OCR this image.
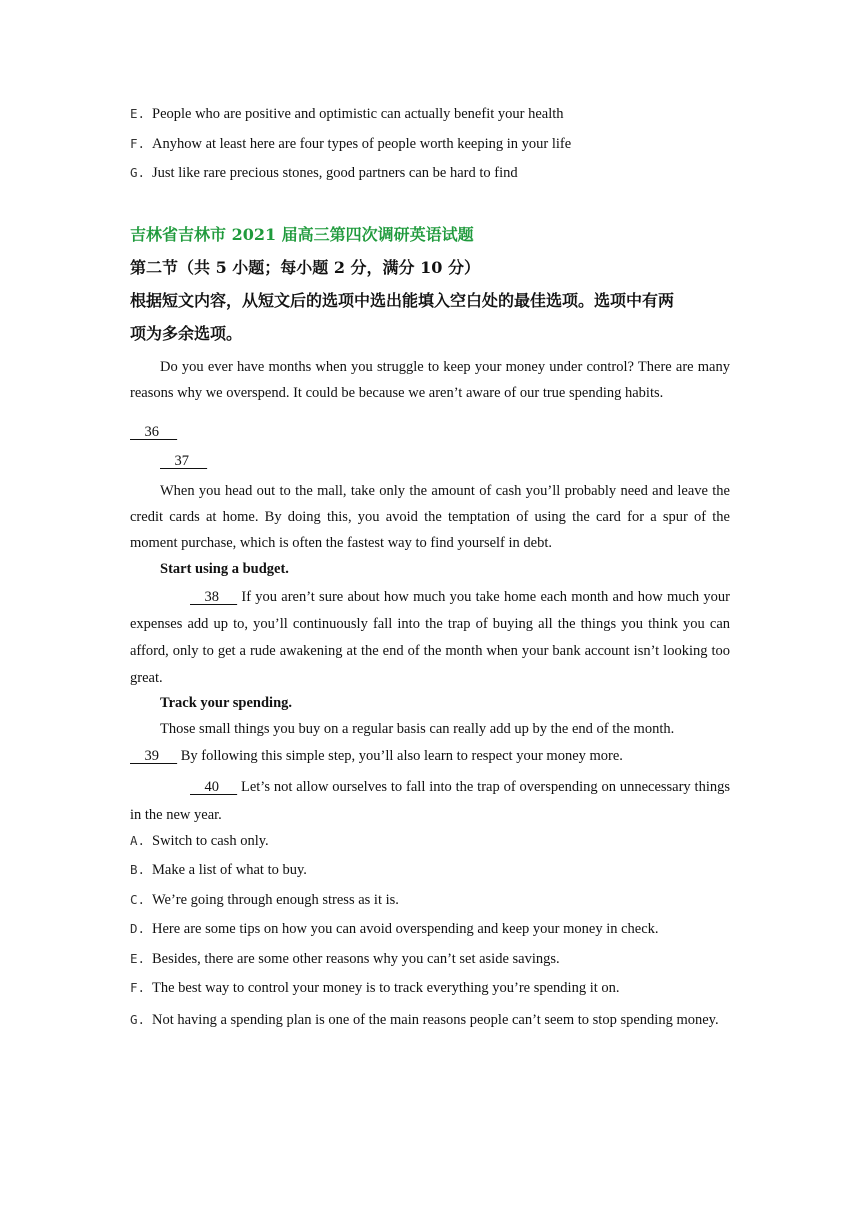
E. People who are positive and optimistic can actually benefit your health
F. Anyhow at least here are four types of people worth keeping in your life
G. Just like rare precious stones, good partners can be hard to find
吉林省吉林市 2021 届高三第四次调研英语试题
第二节（共 5 小题；每小题 2 分，满分 10 分）
根据短文内容，从短文后的选项中选出能填入空白处的最佳选项。选项中有两
项为多余选项。
Do you ever have months when you struggle to keep your money under control? There are many reasons why we overspend. It could be because we aren’t aware of our true spending habits.
36
37
When you head out to the mall, take only the amount of cash you’ll probably need and leave the credit cards at home. By doing this, you avoid the temptation of using the card for a spur of the moment purchase, which is often the fastest way to find yourself in debt.
Start using a budget.
38      If you aren’t sure about how much you take home each month and how much your expenses add up to, you’ll continuously fall into the trap of buying all the things you think you can afford, only to get a rude awakening at the end of the month when your bank account isn’t looking too great.
Track your spending.
Those small things you buy on a regular basis can really add up by the end of the month.
39      By following this simple step, you’ll also learn to respect your money more.
40      Let’s not allow ourselves to fall into the trap of overspending on unnecessary things in the new year.
A. Switch to cash only.
B. Make a list of what to buy.
C. We’re going through enough stress as it is.
D. Here are some tips on how you can avoid overspending and keep your money in check.
E. Besides, there are some other reasons why you can’t set aside savings.
F. The best way to control your money is to track everything you’re spending it on.
G. Not having a spending plan is one of the main reasons people can’t seem to stop spending money.
